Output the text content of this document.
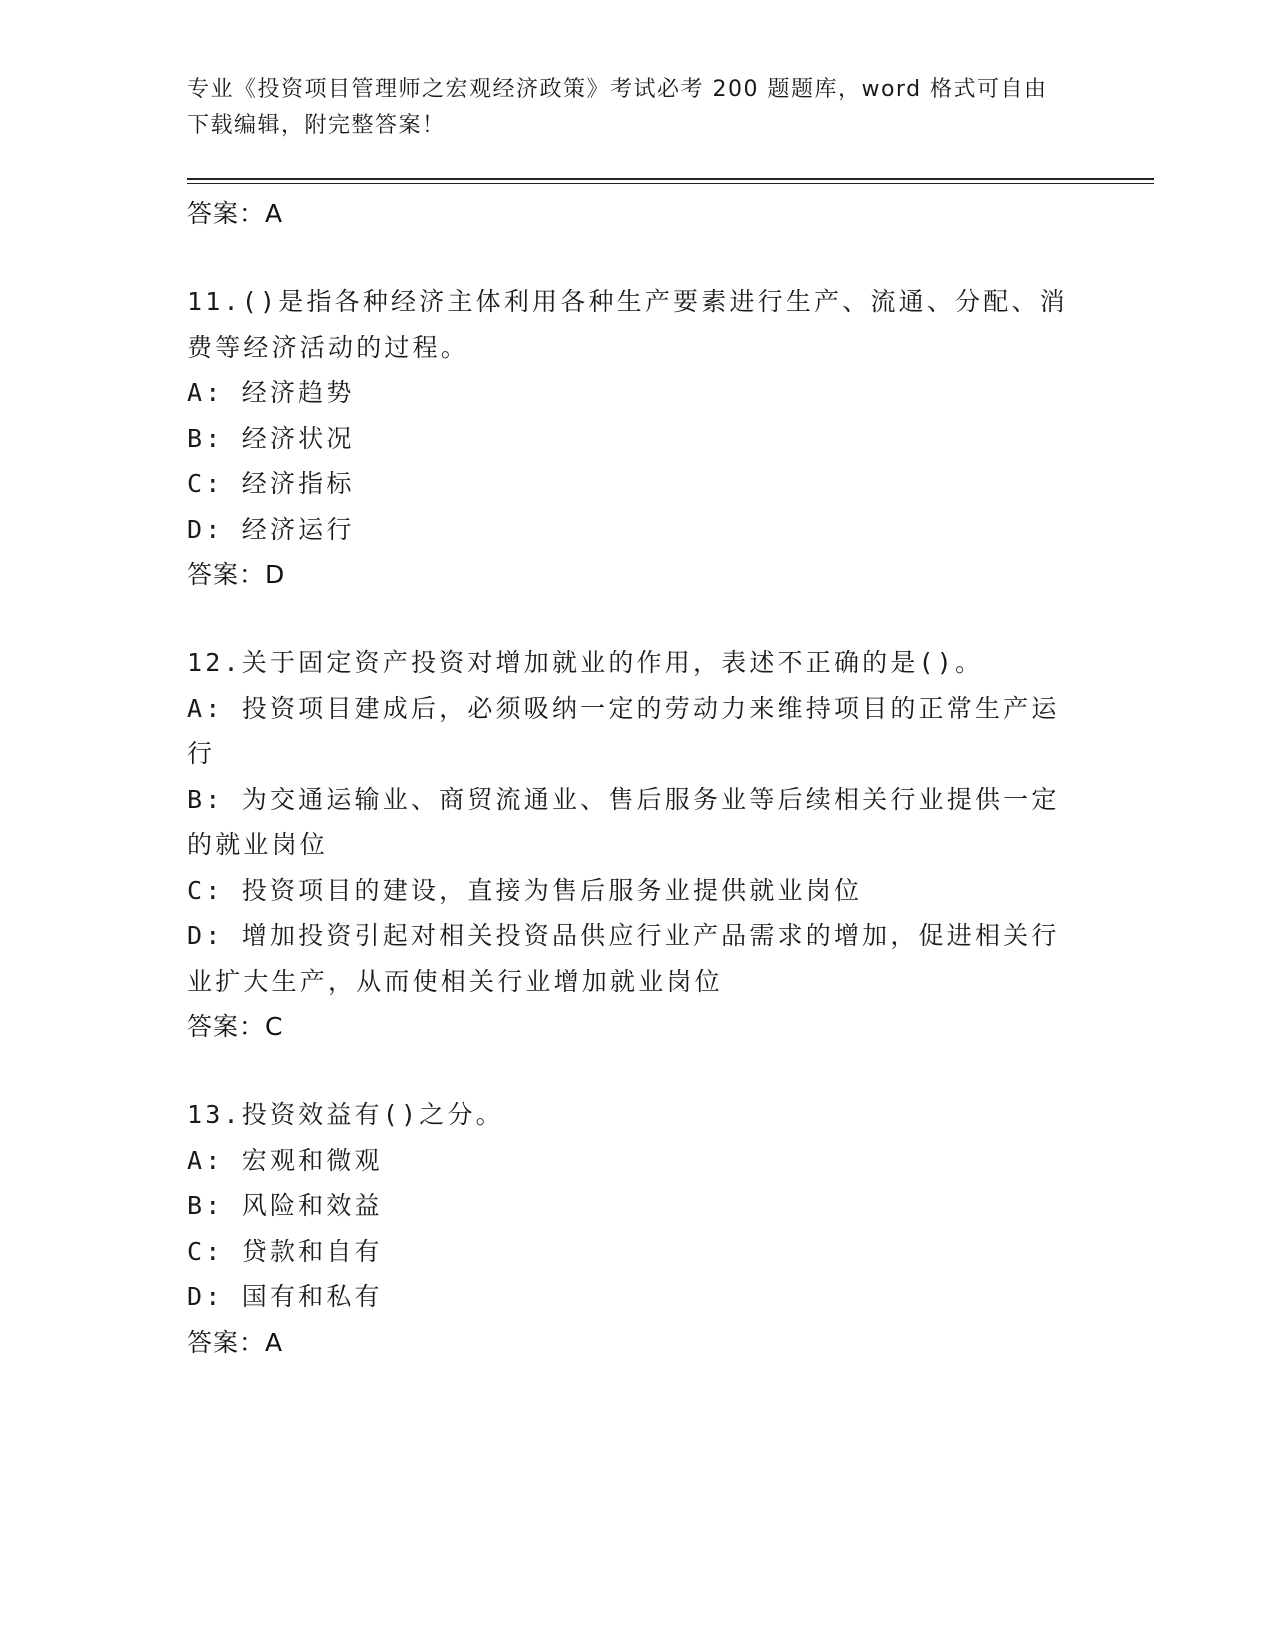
专业《投资项目管理师之宏观经济政策》考试必考 200 题题库，word 格式可自由下载编辑，附完整答案！

答案：A

11.()是指各种经济主体利用各种生产要素进行生产、流通、分配、消费等经济活动的过程。

A: 经济趋势

B: 经济状况

C: 经济指标

D: 经济运行

答案：D

12.关于固定资产投资对增加就业的作用，表述不正确的是()。

A: 投资项目建成后，必须吸纳一定的劳动力来维持项目的正常生产运行

B: 为交通运输业、商贸流通业、售后服务业等后续相关行业提供一定的就业岗位

C: 投资项目的建设，直接为售后服务业提供就业岗位

D: 增加投资引起对相关投资品供应行业产品需求的增加，促进相关行业扩大生产，从而使相关行业增加就业岗位

答案：C

13.投资效益有()之分。

A: 宏观和微观

B: 风险和效益

C: 贷款和自有

D: 国有和私有

答案：A
